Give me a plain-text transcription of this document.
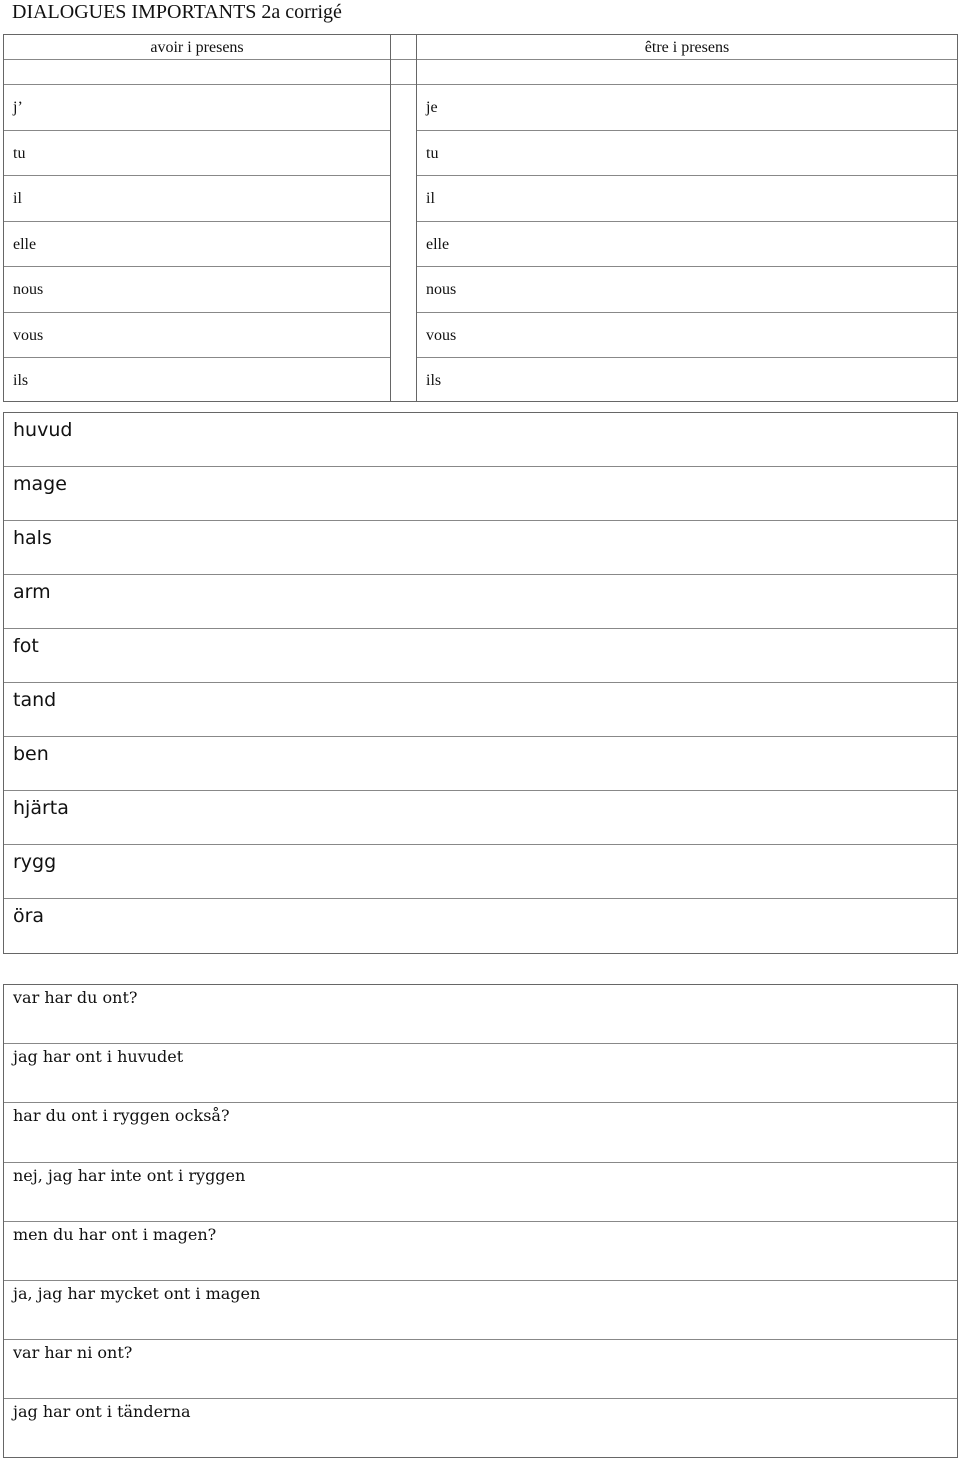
DIALOGUES IMPORTANTS 2a corrigé
avoir i presens
j’
tu
il
elle
nous
vous
ils
être i presens
je
tu
il
elle
nous
vous
ils
huvud
mage
hals
arm
fot
tand
ben
hjärta
rygg
öra
var har du ont?
jag har ont i huvudet
har du ont i ryggen också?
nej, jag har inte ont i ryggen
men du har ont i magen?
ja, jag har mycket ont i magen
var har ni ont?
jag har ont i tänderna
